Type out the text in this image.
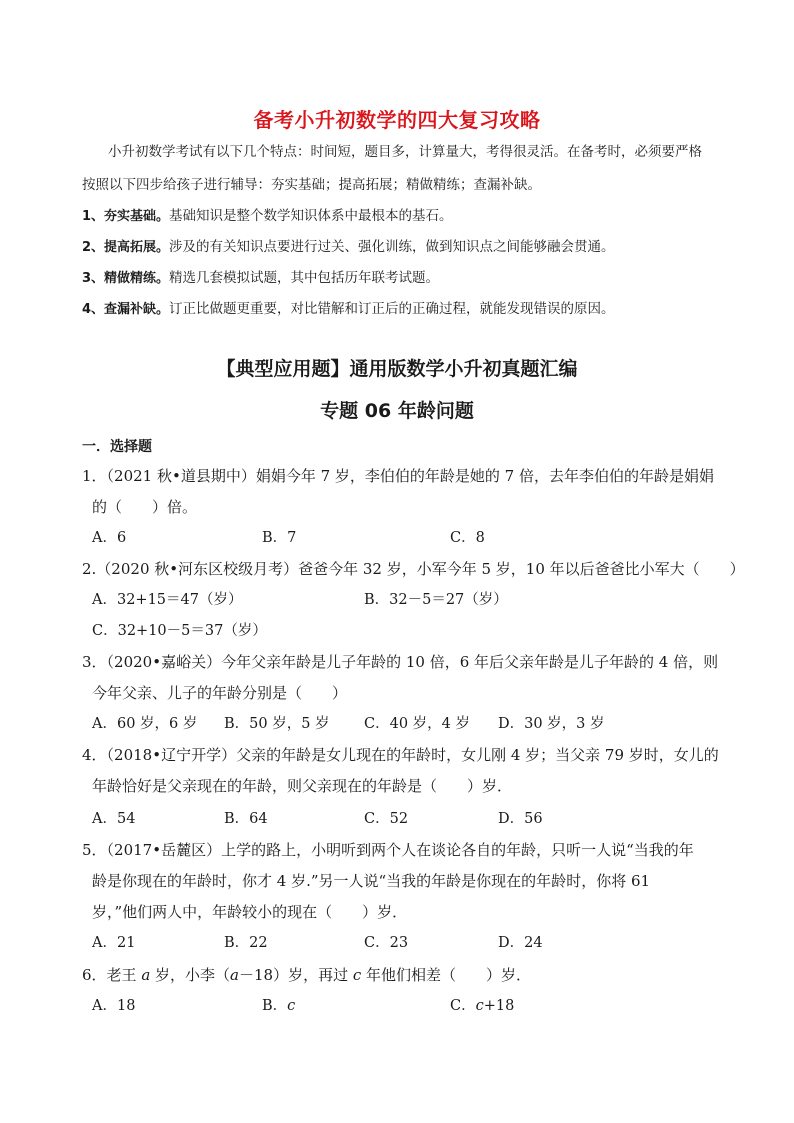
备考小升初数学的四大复习攻略
小升初数学考试有以下几个特点：时间短，题目多，计算量大，考得很灵活。在备考时，必须要严格
按照以下四步给孩子进行辅导：夯实基础；提高拓展；精做精练；查漏补缺。
1、夯实基础。基础知识是整个数学知识体系中最根本的基石。
2、提高拓展。涉及的有关知识点要进行过关、强化训练，做到知识点之间能够融会贯通。
3、精做精练。精选几套模拟试题，其中包括历年联考试题。
4、查漏补缺。订正比做题更重要，对比错解和订正后的正确过程，就能发现错误的原因。
【典型应用题】通用版数学小升初真题汇编
专题 06 年龄问题
一．选择题
1．（2021 秋•道县期中）娟娟今年 7 岁，李伯伯的年龄是她的 7 倍，去年李伯伯的年龄是娟娟
的（　　）倍。
A．6	B．7	C．8
2.（2020 秋•河东区校级月考）爸爸今年 32 岁，小军今年 5 岁，10 年以后爸爸比小军大（　　）
A．32+15＝47（岁）	B．32－5＝27（岁）
C．32+10－5＝37（岁）
3．（2020•嘉峪关）今年父亲年龄是儿子年龄的 10 倍，6 年后父亲年龄是儿子年龄的 4 倍，则
今年父亲、儿子的年龄分别是（　　）
A．60 岁，6 岁 B．50 岁，5 岁 C．40 岁，4 岁 D．30 岁，3 岁
4．（2018•辽宁开学）父亲的年龄是女儿现在的年龄时，女儿刚 4 岁；当父亲 79 岁时，女儿的
年龄恰好是父亲现在的年龄，则父亲现在的年龄是（　　）岁．
A．54	B．64	C．52	D．56
5．（2017•岳麓区）上学的路上，小明听到两个人在谈论各自的年龄，只听一人说“当我的年
龄是你现在的年龄时，你才 4 岁.”另一人说“当我的年龄是你现在的年龄时，你将 61
岁，”他们两人中，年龄较小的现在（　　）岁．
A．21	B．22	C．23	D．24
6．老王 a 岁，小李（a－18）岁，再过 c 年他们相差（　　）岁．
A．18	B．c	C．c+18
